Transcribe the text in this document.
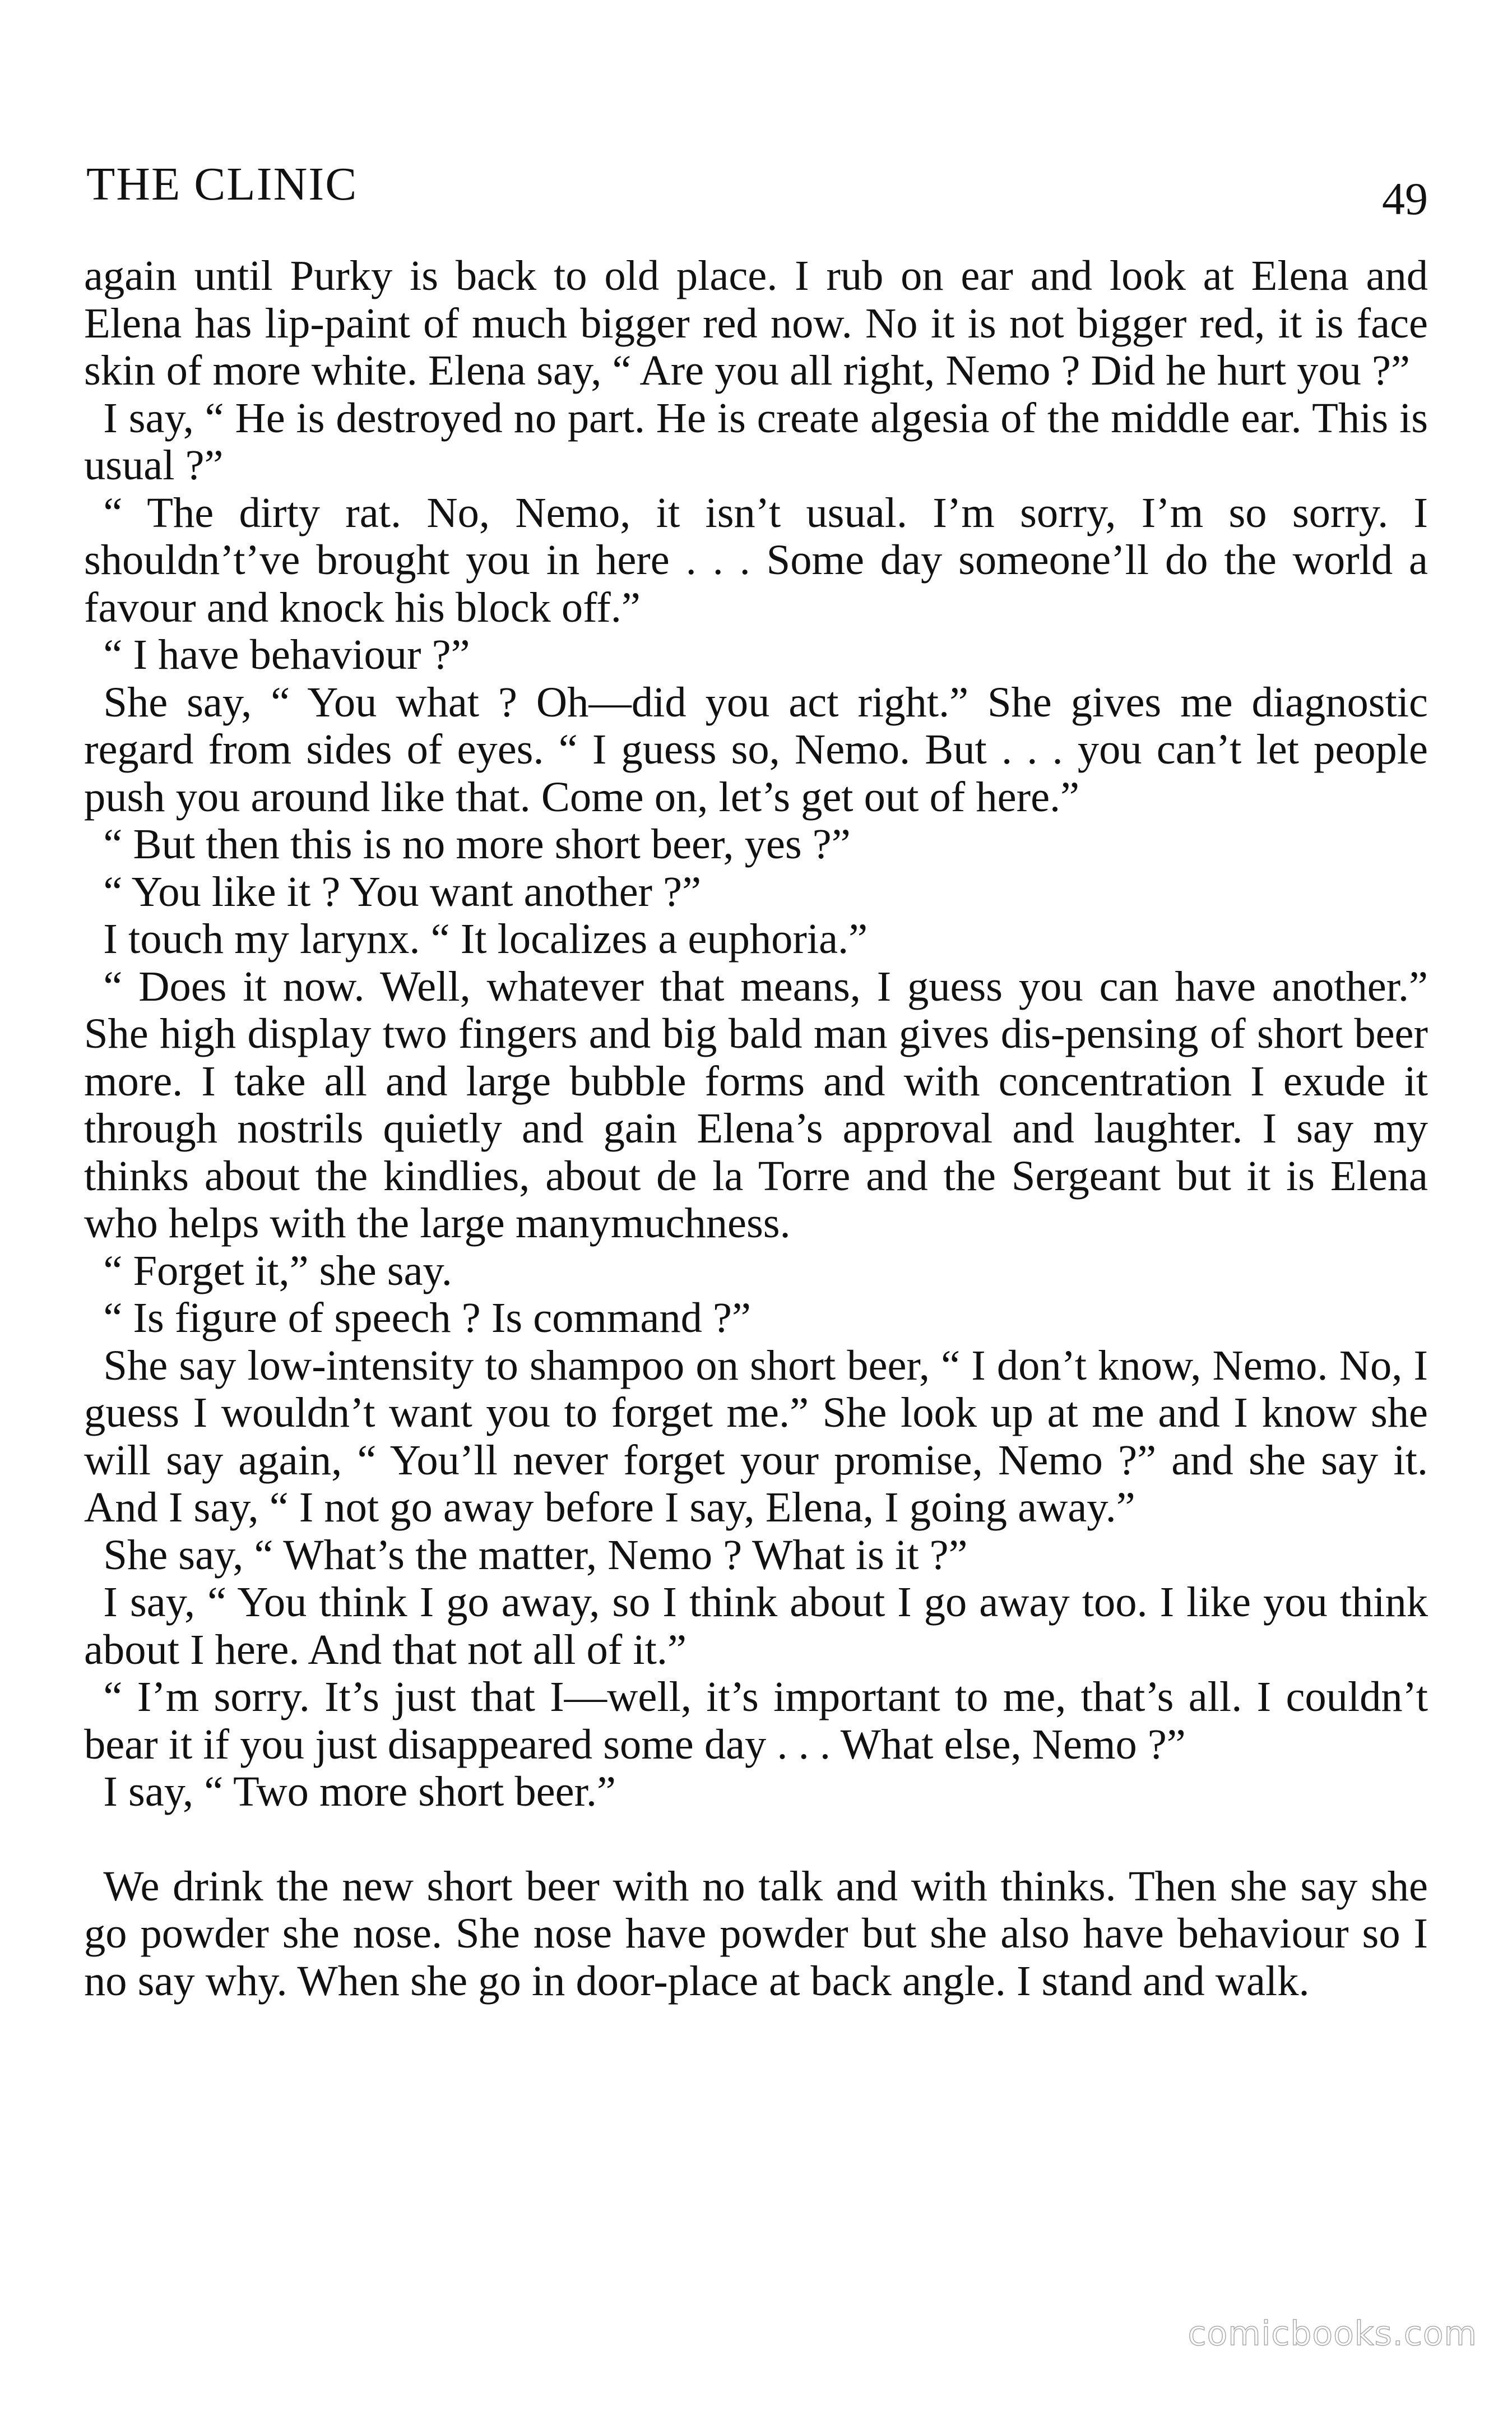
THE CLINIC	49

again until Purky is back to old place. I rub on ear and look at Elena and Elena has lip-paint of much bigger red now. No it is not bigger red, it is face skin of more white. Elena say, “ Are you all right, Nemo ? Did he hurt you ?”

I say, “ He is destroyed no part. He is create algesia of the middle ear. This is usual ?”

“ The dirty rat. No, Nemo, it isn’t usual. I’m sorry, I’m so sorry. I shouldn’t’ve brought you in here . . . Some day someone’ll do the world a favour and knock his block off.”

“ I have behaviour ?”

She say, “ You what ? Oh—did you act right.” She gives me diagnostic regard from sides of eyes. “ I guess so, Nemo. But . . . you can’t let people push you around like that. Come on, let’s get out of here.”

“ But then this is no more short beer, yes ?”

“ You like it ? You want another ?”

I touch my larynx. “ It localizes a euphoria.”

“ Does it now. Well, whatever that means, I guess you can have another.” She high display two fingers and big bald man gives dis-pensing of short beer more. I take all and large bubble forms and with concentration I exude it through nostrils quietly and gain Elena’s approval and laughter. I say my thinks about the kindlies, about de la Torre and the Sergeant but it is Elena who helps with the large manymuchness.

“ Forget it,” she say.

“ Is figure of speech ? Is command ?”

She say low-intensity to shampoo on short beer, “ I don’t know, Nemo. No, I guess I wouldn’t want you to forget me.” She look up at me and I know she will say again, “ You’ll never forget your promise, Nemo ?” and she say it. And I say, “ I not go away before I say, Elena, I going away.”

She say, “ What’s the matter, Nemo ? What is it ?”

I say, “ You think I go away, so I think about I go away too. I like you think about I here. And that not all of it.”

“ I’m sorry. It’s just that I—well, it’s important to me, that’s all. I couldn’t bear it if you just disappeared some day . . . What else, Nemo ?”

I say, “ Two more short beer.”

We drink the new short beer with no talk and with thinks. Then she say she go powder she nose. She nose have powder but she also have behaviour so I no say why. When she go in door-place at back angle. I stand and walk.

comicbooks.com
